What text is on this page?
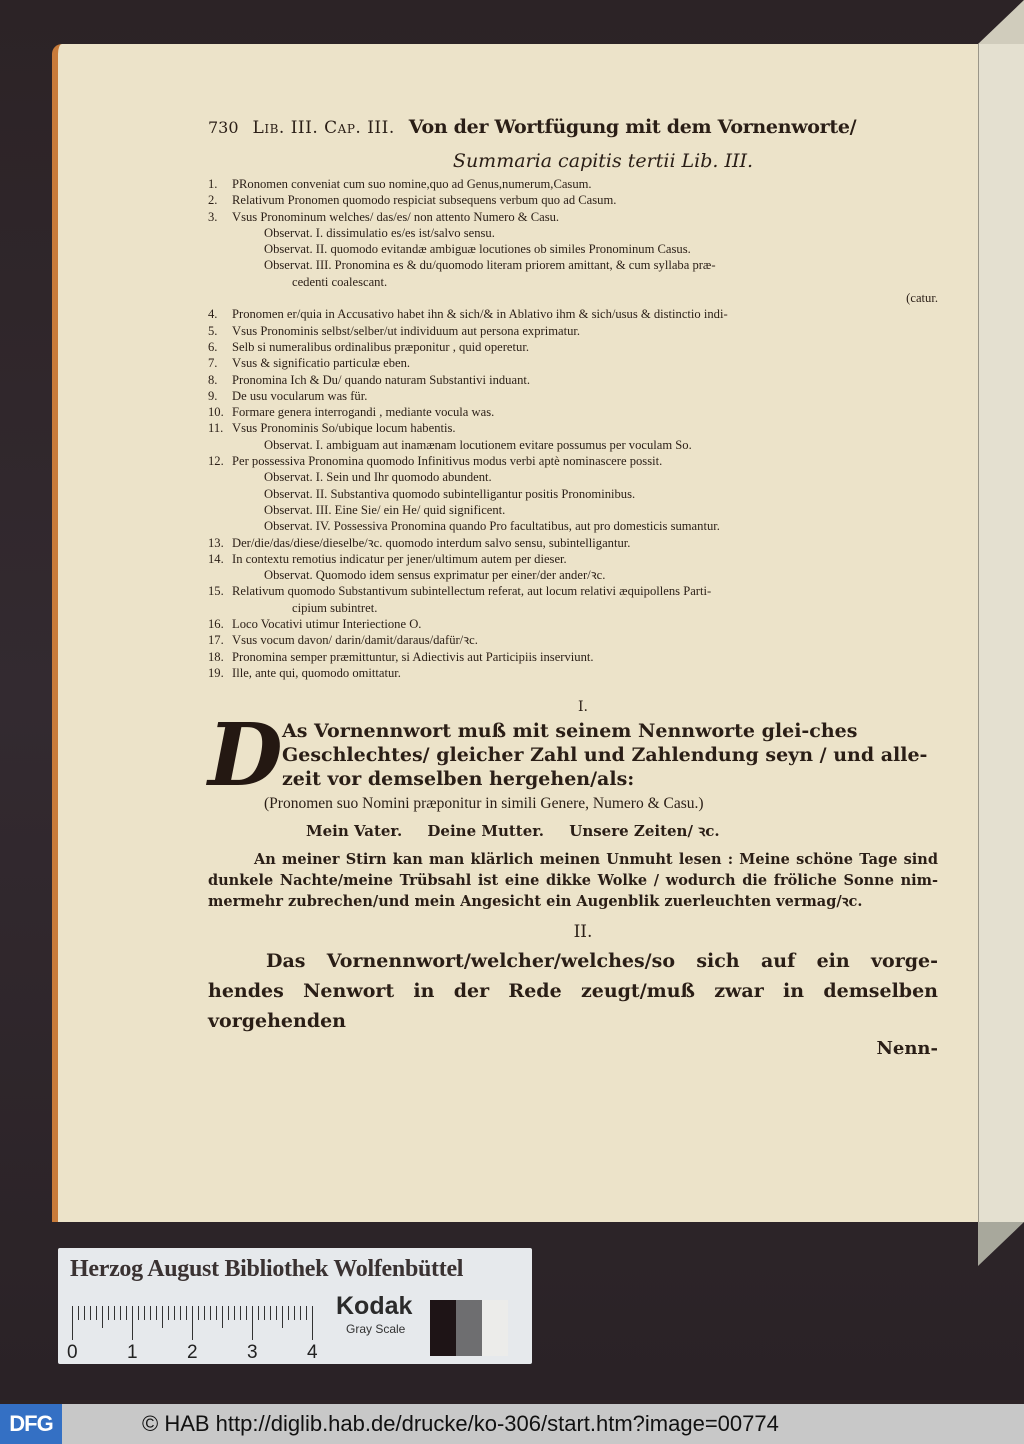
730 Lib. III. Cap. III. Von der Wortfügung mit dem Vornenworte/
Summaria capitis tertii Lib. III.
1.	PRonomen conveniat cum suo nomine,quo ad Genus,numerum,Casum.
2.	Relativum Pronomen quomodo respiciat subsequens verbum quo ad Casum.
3.	Vsus Pronominum welches/ das/es/ non attento Numero & Casu.
Observat. I. dissimulatio es/es ist/salvo sensu.
Observat. II. quomodo evitandæ ambiguæ locutiones ob similes Pronominum Casus.
Observat. III. Pronomina es & du/quomodo literam priorem amittant, & cum syllaba præ-
cedenti coalescant.
(catur.
4.	Pronomen er/quia in Accusativo habet ihn & sich/& in Ablativo ihm & sich/usus & distinctio indi-
5.	Vsus Pronominis selbst/selber/ut individuum aut persona exprimatur.
6.	Selb si numeralibus ordinalibus præponitur , quid operetur.
7.	Vsus & significatio particulæ eben.
8.	Pronomina Ich & Du/ quando naturam Substantivi induant.
9.	De usu vocularum was für.
10. Formare genera interrogandi , mediante vocula was.
11. Vsus Pronominis So/ubique locum habentis.
Observat. I. ambiguam aut inamænam locutionem evitare possumus per voculam So.
12. Per possessiva Pronomina quomodo Infinitivus modus verbi aptè nominascere possit.
Observat. I. Sein und Ihr quomodo abundent.
Observat. II. Substantiva quomodo subintelligantur positis Pronominibus.
Observat. III. Eine Sie/ ein He/ quid significent.
Observat. IV. Possessiva Pronomina quando Pro facultatibus, aut pro domesticis sumantur.
13. Der/die/das/diese/dieselbe/ꝛc. quomodo interdum salvo sensu, subintelligantur.
14. In contextu remotius indicatur per jener/ultimum autem per dieser.
Observat. Quomodo idem sensus exprimatur per einer/der ander/ꝛc.
15. Relativum quomodo Substantivum subintellectum referat, aut locum relativi æquipollens Parti-
cipium subintret.
16. Loco Vocativi utimur Interiectione O.
17. Vsus vocum davon/ darin/damit/daraus/dafür/ꝛc.
18. Pronomina semper præmittuntur, si Adiectivis aut Participiis inserviunt.
19. Ille, ante qui, quomodo omittatur.
I.
D As Vornennwort muß mit seinem Nennworte glei-ches Geschlechtes/ gleicher Zahl und Zahlendung seyn / und alle-zeit vor demselben hergehen/als:
(Pronomen suo Nomini præponitur in simili Genere, Numero & Casu.)
Mein Vater. Deine Mutter. Unsere Zeiten/ ꝛc.
An meiner Stirn kan man klärlich meinen Unmuht lesen : Meine schöne Tage sind dunkele Nachte/meine Trübsahl ist eine dikke Wolke / wodurch die fröliche Sonne nim-mermehr zubrechen/und mein Angesicht ein Augenblik zuerleuchten vermag/ꝛc.
II.
Das Vornennwort/welcher/welches/so sich auf ein vorge-hendes Nenwort in der Rede zeugt/muß zwar in demselben vorgehenden
Nenn-
Herzog August Bibliothek Wolfenbüttel
0	1	2	3	4
Kodak
Gray Scale
DFG	© HAB http://diglib.hab.de/drucke/ko-306/start.htm?image=00774
